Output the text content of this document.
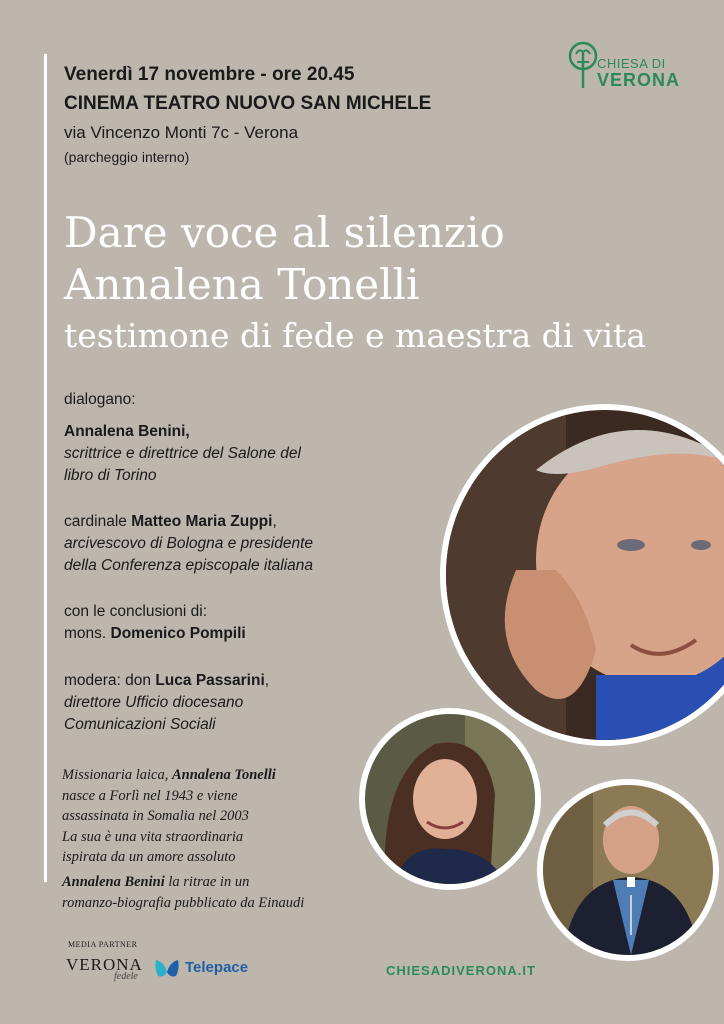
Venerdì 17 novembre - ore 20.45
CINEMA TEATRO NUOVO SAN MICHELE
via Vincenzo Monti 7c - Verona
(parcheggio interno)
CHIESA DI
VERONA
Dare voce al silenzio
Annalena Tonelli
testimone di fede e maestra di vita
dialogano:
Annalena Benini,
scrittrice e direttrice del Salone del
libro di Torino
cardinale Matteo Maria Zuppi,
arcivescovo di Bologna e presidente
della Conferenza episcopale italiana
con le conclusioni di:
mons. Domenico Pompili
modera: don Luca Passarini,
direttore Ufficio diocesano
Comunicazioni Sociali
Missionaria laica, Annalena Tonelli
nasce a Forlì nel 1943 e viene
assassinata in Somalia nel 2003
La sua è una vita straordinaria
ispirata da un amore assoluto
Annalena Benini la ritrae in un
romanzo-biografia pubblicato da Einaudi
MEDIA PARTNER
VERONA
fedele
Telepace	CHIESADIVERONA.IT
